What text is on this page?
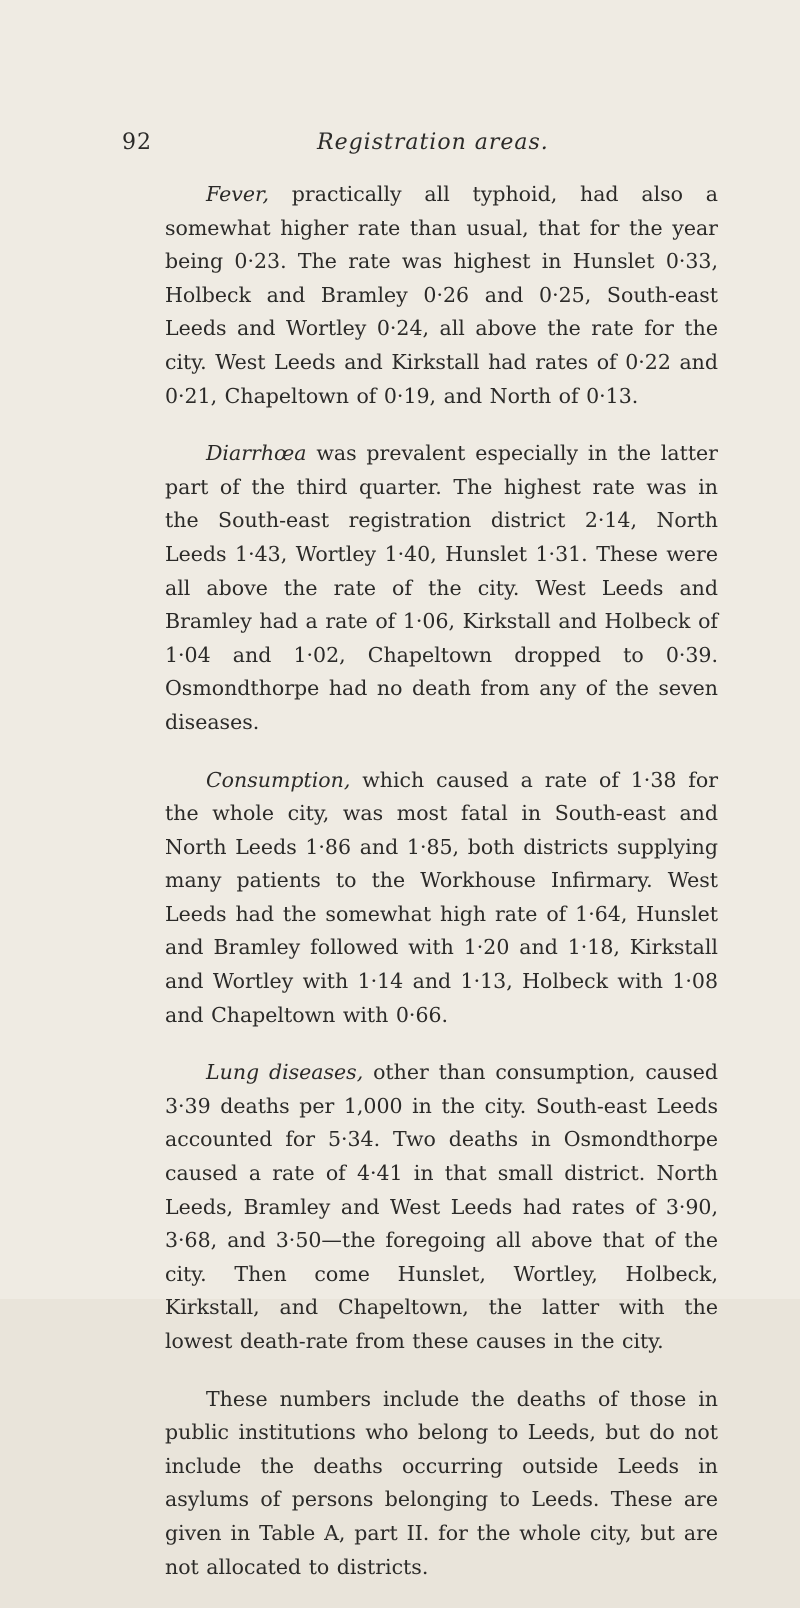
92	Registration areas.

Fever, practically all typhoid, had also a somewhat higher rate than usual, that for the year being 0·23. The rate was highest in Hunslet 0·33, Holbeck and Bramley 0·26 and 0·25, South-east Leeds and Wortley 0·24, all above the rate for the city. West Leeds and Kirkstall had rates of 0·22 and 0·21, Chapeltown of 0·19, and North of 0·13.

Diarrhœa was prevalent especially in the latter part of the third quarter. The highest rate was in the South-east registration district 2·14, North Leeds 1·43, Wortley 1·40, Hunslet 1·31. These were all above the rate of the city. West Leeds and Bramley had a rate of 1·06, Kirkstall and Holbeck of 1·04 and 1·02, Chapeltown dropped to 0·39. Osmondthorpe had no death from any of the seven diseases.

Consumption, which caused a rate of 1·38 for the whole city, was most fatal in South-east and North Leeds 1·86 and 1·85, both districts supplying many patients to the Workhouse Infirmary. West Leeds had the somewhat high rate of 1·64, Hunslet and Bramley followed with 1·20 and 1·18, Kirkstall and Wortley with 1·14 and 1·13, Holbeck with 1·08 and Chapeltown with 0·66.

Lung diseases, other than consumption, caused 3·39 deaths per 1,000 in the city. South-east Leeds accounted for 5·34. Two deaths in Osmondthorpe caused a rate of 4·41 in that small district. North Leeds, Bramley and West Leeds had rates of 3·90, 3·68, and 3·50—the foregoing all above that of the city. Then come Hunslet, Wortley, Holbeck, Kirkstall, and Chapeltown, the latter with the lowest death-rate from these causes in the city.

These numbers include the deaths of those in public institutions who belong to Leeds, but do not include the deaths occurring outside Leeds in asylums of persons belonging to Leeds. These are given in Table A, part II. for the whole city, but are not allocated to districts.
